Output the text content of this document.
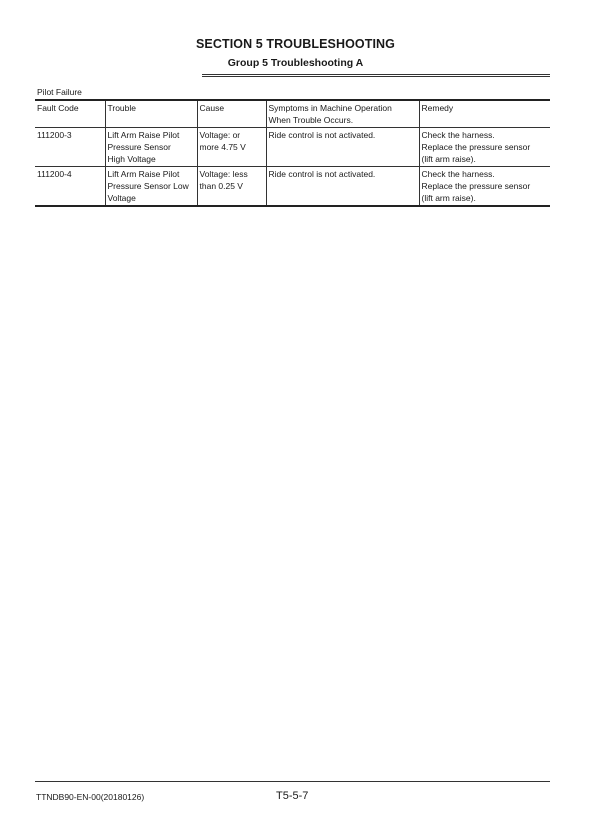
SECTION 5 TROUBLESHOOTING
Group 5 Troubleshooting A
Pilot Failure
Fault Code	Trouble	Cause	Symptoms in Machine Operation
When Trouble Occurs.	Remedy
111200-3	Lift Arm Raise Pilot
Pressure Sensor
High Voltage	Voltage: or
more 4.75 V	Ride control is not activated.	Check the harness.
Replace the pressure sensor
(lift arm raise).
111200-4	Lift Arm Raise Pilot
Pressure Sensor Low
Voltage	Voltage: less
than 0.25 V	Ride control is not activated.	Check the harness.
Replace the pressure sensor
(lift arm raise).
TTNDB90-EN-00(20180126)	T5-5-7
